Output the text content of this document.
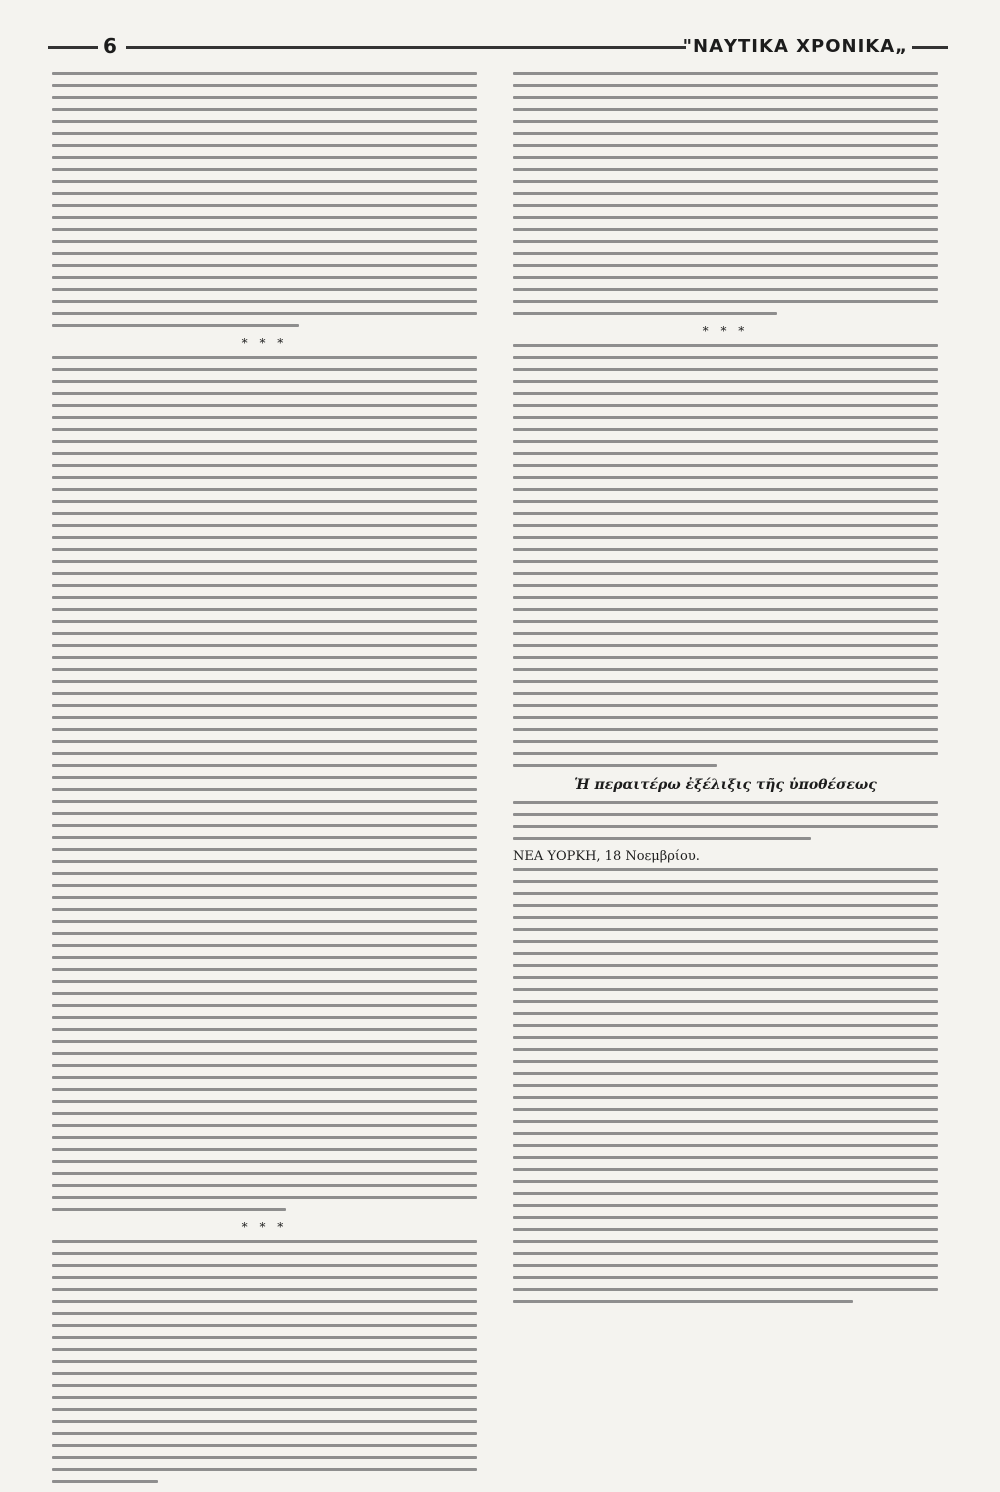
6	"ΝΑΥΤΙΚΑ ΧΡΟΝΙΚΑ„
* * *
* * *
* * *
Ἡ περαιτέρω ἐξέλιξις τῆς ὑποθέσεως
ΝΕΑ ΥΟΡΚΗ, 18 Νοεμβρίου.
